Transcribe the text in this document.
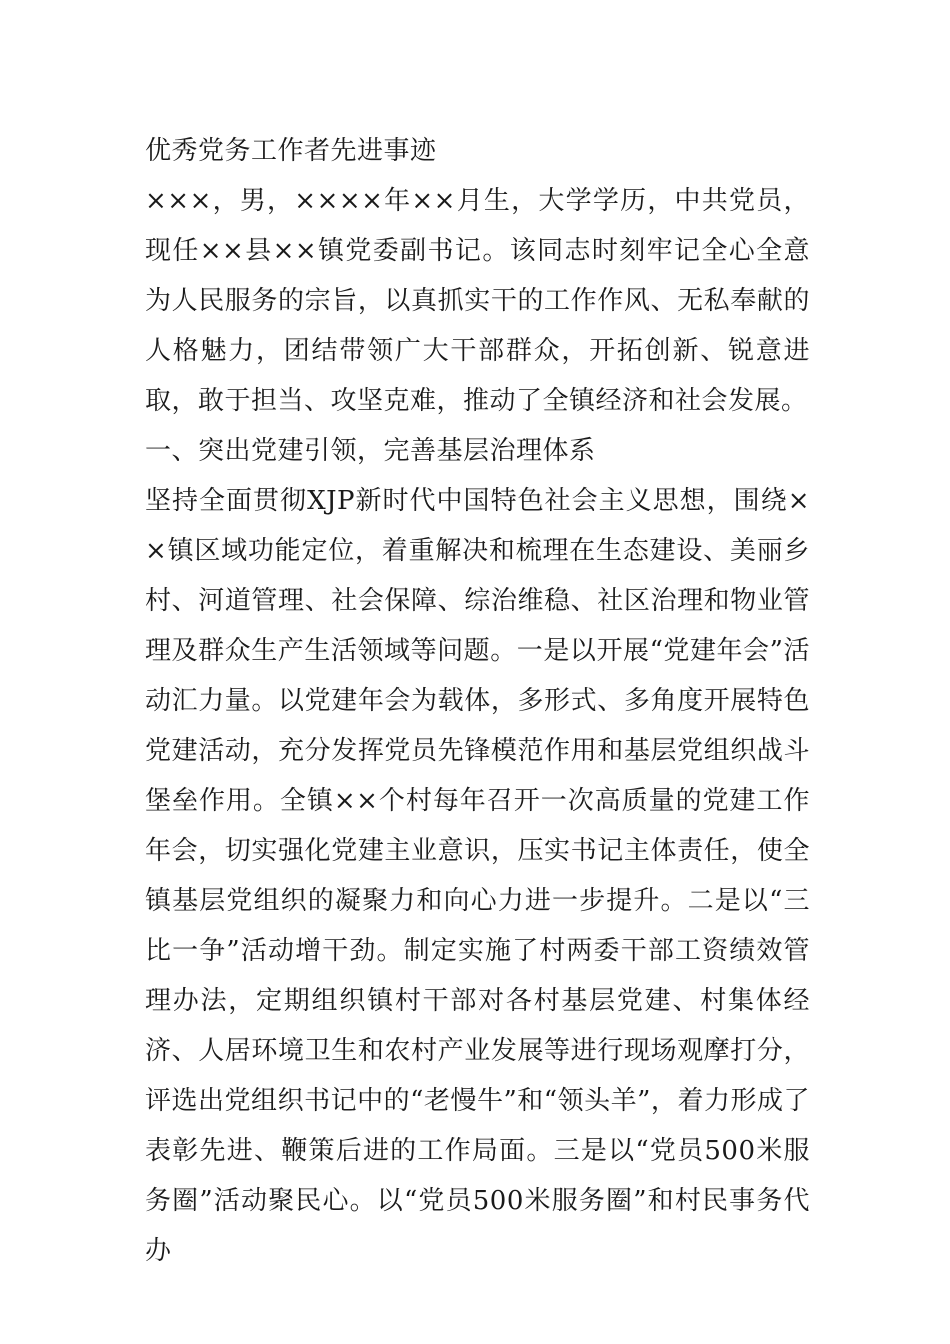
优秀党务工作者先进事迹

×××，男，××××年××月生，大学学历，中共党员，现任××县××镇党委副书记。该同志时刻牢记全心全意为人民服务的宗旨，以真抓实干的工作作风、无私奉献的人格魅力，团结带领广大干部群众，开拓创新、锐意进取，敢于担当、攻坚克难，推动了全镇经济和社会发展。

一、突出党建引领，完善基层治理体系

坚持全面贯彻XJP新时代中国特色社会主义思想，围绕××镇区域功能定位，着重解决和梳理在生态建设、美丽乡村、河道管理、社会保障、综治维稳、社区治理和物业管理及群众生产生活领域等问题。一是以开展“党建年会”活动汇力量。以党建年会为载体，多形式、多角度开展特色党建活动，充分发挥党员先锋模范作用和基层党组织战斗堡垒作用。全镇××个村每年召开一次高质量的党建工作年会，切实强化党建主业意识，压实书记主体责任，使全镇基层党组织的凝聚力和向心力进一步提升。二是以“三比一争”活动增干劲。制定实施了村两委干部工资绩效管理办法，定期组织镇村干部对各村基层党建、村集体经济、人居环境卫生和农村产业发展等进行现场观摩打分，评选出党组织书记中的“老慢牛”和“领头羊”，着力形成了表彰先进、鞭策后进的工作局面。三是以“党员500米服务圈”活动聚民心。以“党员500米服务圈”和村民事务代办
